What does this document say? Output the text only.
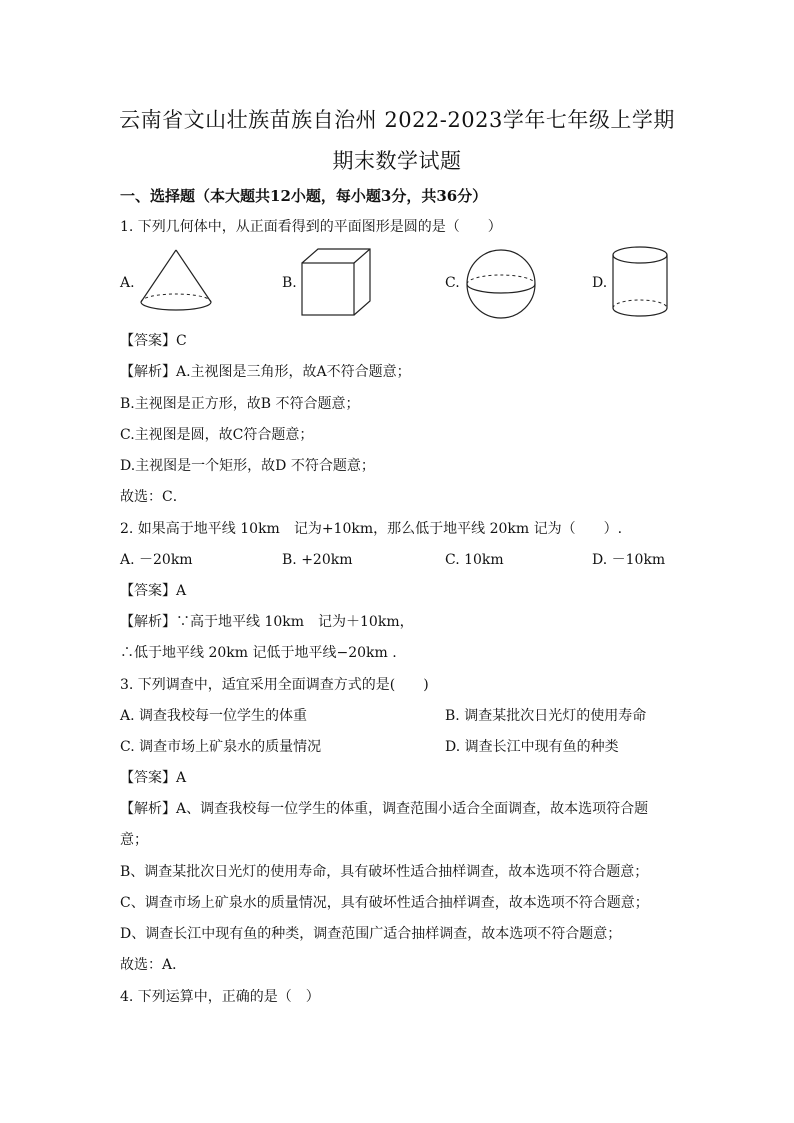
云南省文山壮族苗族自治州 2022-2023学年七年级上学期
期末数学试题
一、选择题（本大题共12小题，每小题3分，共36分）
1. 下列几何体中，从正面看得到的平面图形是圆的是（　　）
A.	B.	C.	D.
【答案】C
【解析】A.主视图是三角形，故A不符合题意；
B.主视图是正方形，故B 不符合题意；
C.主视图是圆，故C符合题意；
D.主视图是一个矩形，故D 不符合题意；
故选：C．
2. 如果高于地平线 10km　记为+10km，那么低于地平线 20km 记为（　　）.
A. －20km	B. +20km	C. 10km	D. －10km
【答案】A
【解析】∵高于地平线 10km　记为＋10km，
∴低于地平线 20km 记低于地平线−20km .
3. 下列调查中，适宜采用全面调查方式的是(　　)
A. 调查我校每一位学生的体重	B. 调查某批次日光灯的使用寿命
C. 调查市场上矿泉水的质量情况	D. 调查长江中现有鱼的种类
【答案】A
【解析】A、调查我校每一位学生的体重，调查范围小适合全面调查，故本选项符合题
意；
B、调查某批次日光灯的使用寿命，具有破坏性适合抽样调查，故本选项不符合题意；
C、调查市场上矿泉水的质量情况，具有破坏性适合抽样调查，故本选项不符合题意；
D、调查长江中现有鱼的种类，调查范围广适合抽样调查，故本选项不符合题意；
故选：A．
4. 下列运算中，正确的是（　）
